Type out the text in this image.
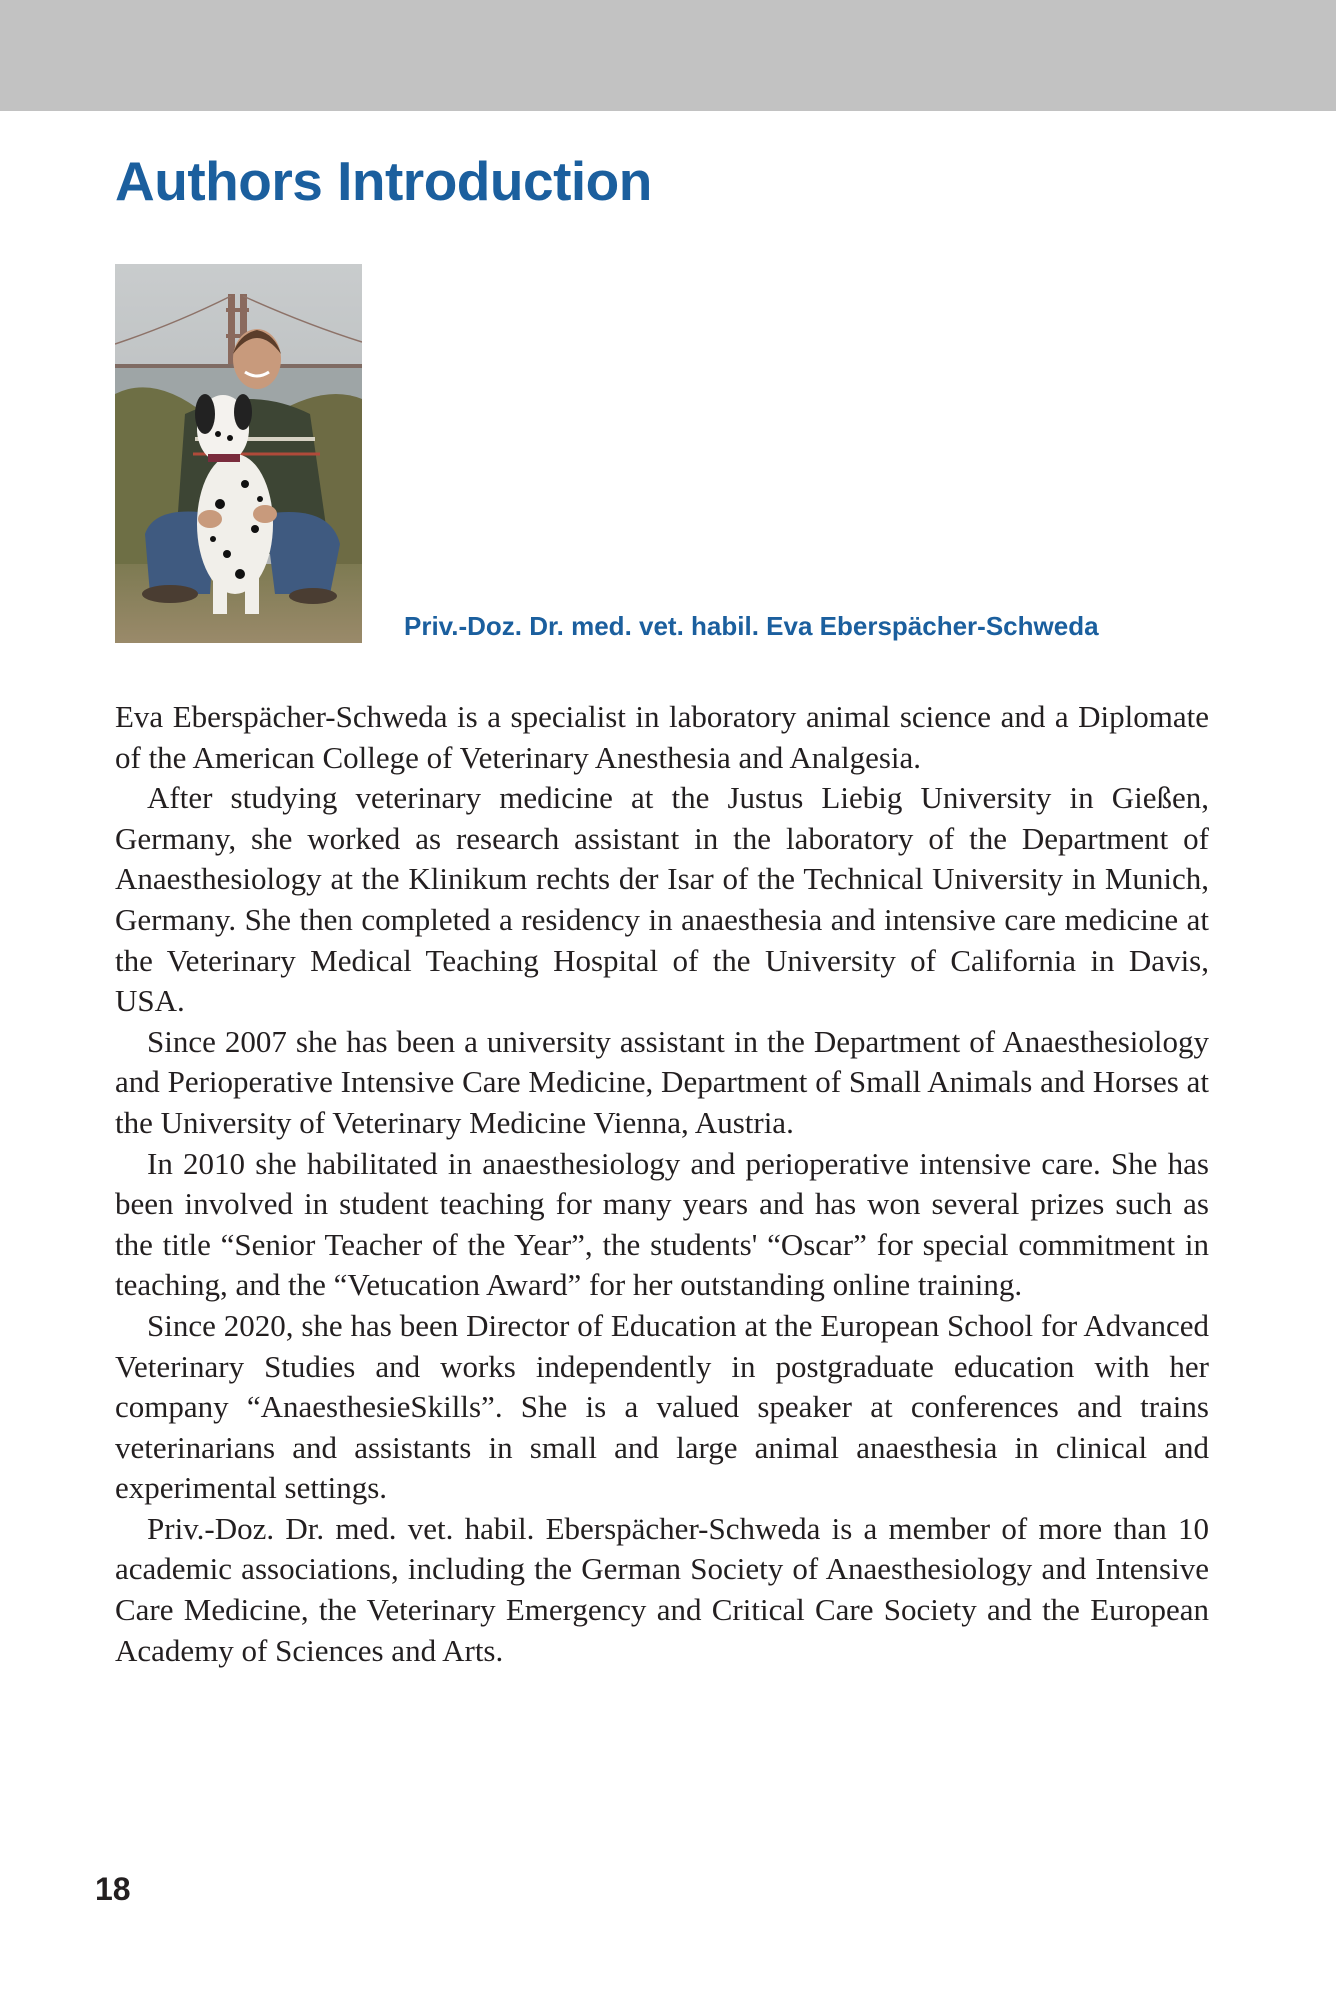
Authors Introduction

Priv.-Doz. Dr. med. vet. habil. Eva Eberspächer-Schweda

Eva Eberspächer-Schweda is a specialist in laboratory animal science and a Diplomate of the American College of Veterinary Anesthesia and Analgesia.

After studying veterinary medicine at the Justus Liebig University in Gießen, Germany, she worked as research assistant in the laboratory of the Department of Anaesthesiology at the Klinikum rechts der Isar of the Technical University in Munich, Germany. She then completed a residency in anaesthesia and intensive care medicine at the Veterinary Medical Teaching Hospital of the University of California in Davis, USA.

Since 2007 she has been a university assistant in the Department of Anaesthesiology and Perioperative Intensive Care Medicine, Department of Small Animals and Horses at the University of Veterinary Medicine Vienna, Austria.

In 2010 she habilitated in anaesthesiology and perioperative intensive care. She has been involved in student teaching for many years and has won several prizes such as the title “Senior Teacher of the Year”, the students' “Oscar” for special commitment in teaching, and the “Vetucation Award” for her outstanding online training.

Since 2020, she has been Director of Education at the European School for Advanced Veterinary Studies and works independently in postgraduate education with her company “AnaesthesieSkills”. She is a valued speaker at conferences and trains veterinarians and assistants in small and large animal anaesthesia in clinical and experimental settings.

Priv.-Doz. Dr. med. vet. habil. Eberspächer-Schweda is a member of more than 10 academic associations, including the German Society of Anaesthesiology and Intensive Care Medicine, the Veterinary Emergency and Critical Care Society and the European Academy of Sciences and Arts.

18
